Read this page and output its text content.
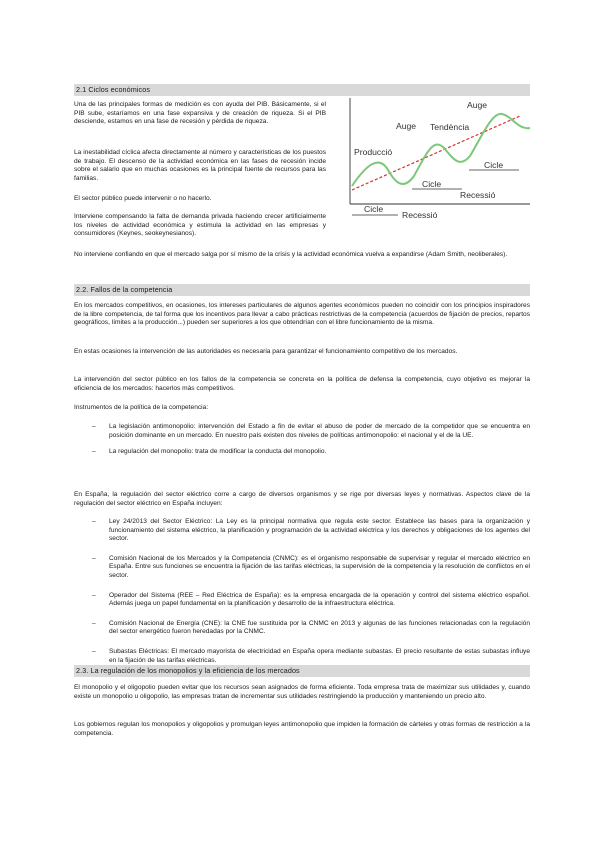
2.1 Ciclos económicos

Una de las principales formas de medición es con ayuda del PIB. Básicamente, si el PIB sube, estaríamos en una fase expansiva y de creación de riqueza. Si el PIB desciende, estamos en una fase de recesión y pérdida de riqueza.

La inestabilidad cíclica afecta directamente al número y características de los puestos de trabajo. El descenso de la actividad económica en las fases de recesión incide sobre el salario que en muchas ocasiones es la principal fuente de recursos para las familias.

El sector público puede intervenir o no hacerlo.

Interviene compensando la falta de demanda privada haciendo crecer artificialmente los niveles de actividad económica y estimula la actividad en las empresas y consumidores (Keynes, seokeynesianos).

No interviene confiando en que el mercado salga por sí mismo de la crisis y la actividad económica vuelva a expandirse (Adam Smith, neoliberales).

Auge
Auge Tendència
Producció
Cicle
Cicle
Recessió
Cicle
Recessió
2.2. Fallos de la competencia

En los mercados competitivos, en ocasiones, los intereses particulares de algunos agentes económicos pueden no coincidir con los principios inspiradores de la libre competencia, de tal forma que los incentivos para llevar a cabo prácticas restrictivas de la competencia (acuerdos de fijación de precios, repartos geográficos, límites a la producción...) pueden ser superiores a los que obtendrían con el libre funcionamiento de la misma.

En estas ocasiones la intervención de las autoridades es necesaria para garantizar el funcionamiento competitivo de los mercados.

La intervención del sector público en los fallos de la competencia se concreta en la política de defensa la competencia, cuyo objetivo es mejorar la eficiencia de los mercados: hacerlos más competitivos.

Instrumentos de la política de la competencia:

– La legislación antimonopolio: intervención del Estado a fin de evitar el abuso de poder de mercado de la competidor que se encuentra en posición dominante en un mercado. En nuestro país existen dos niveles de políticas antimonopolio: el nacional y el de la UE.
– La regulación del monopolio: trata de modificar la conducta del monopolio.

En España, la regulación del sector eléctrico corre a cargo de diversos organismos y se rige por diversas leyes y normativas. Aspectos clave de la regulación del sector eléctrico en España incluyen:

– Ley 24/2013 del Sector Eléctrico: La Ley es la principal normativa que regula este sector. Establece las bases para la organización y funcionamiento del sistema eléctrico, la planificación y programación de la actividad eléctrica y los derechos y obligaciones de los agentes del sector.
– Comisión Nacional de los Mercados y la Competencia (CNMC): es el organismo responsable de supervisar y regular el mercado eléctrico en España. Entre sus funciones se encuentra la fijación de las tarifas eléctricas, la supervisión de la competencia y la resolución de conflictos en el sector.
– Operador del Sistema (REE – Red Eléctrica de España): es la empresa encargada de la operación y control del sistema eléctrico español. Además juega un papel fundamental en la planificación y desarrollo de la infraestructura eléctrica.
– Comisión Nacional de Energía (CNE): la CNE fue sustituida por la CNMC en 2013 y algunas de las funciones relacionadas con la regulación del sector energético fueron heredadas por la CNMC.
– Subastas Eléctricas: El mercado mayorista de electricidad en España opera mediante subastas. El precio resultante de estas subastas influye en la fijación de las tarifas eléctricas.
2.3. La regulación de los monopolios y la eficiencia de los mercados

El monopolio y el oligopolio pueden evitar que los recursos sean asignados de forma eficiente. Toda empresa trata de maximizar sus utilidades y, cuando existe un monopolio u oligopolio, las empresas tratan de incrementar sus utilidades restringiendo la producción y manteniendo un precio alto.

Los gobiernos regulan los monopolios y oligopolios y promulgan leyes antimonopolio que impiden la formación de cárteles y otras formas de restricción a la competencia.
